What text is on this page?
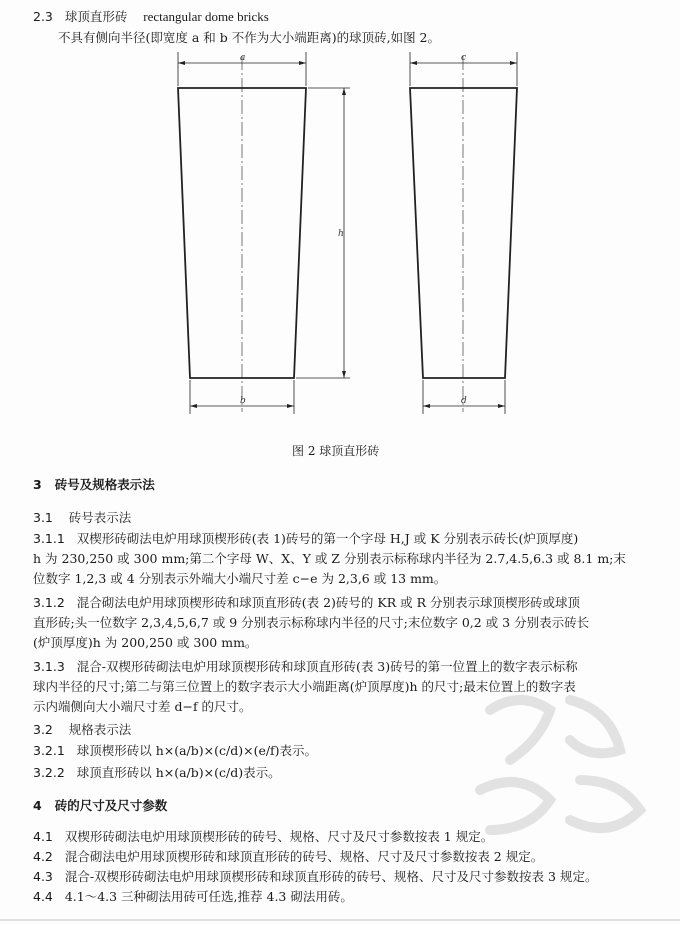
2.3 球顶直形砖 rectangular dome bricks
不具有侧向半径(即宽度 a 和 b 不作为大小端距离)的球顶砖,如图 2。
a
b
h
c
d
图 2 球顶直形砖
3 砖号及规格表示法
3.1 砖号表示法
3.1.1 双楔形砖砌法电炉用球顶楔形砖(表 1)砖号的第一个字母 H,J 或 K 分别表示砖长(炉顶厚度)
h 为 230,250 或 300 mm;第二个字母 W、X、Y 或 Z 分别表示标称球内半径为 2.7,4.5,6.3 或 8.1 m;末
位数字 1,2,3 或 4 分别表示外端大小端尺寸差 c−e 为 2,3,6 或 13 mm。
3.1.2 混合砌法电炉用球顶楔形砖和球顶直形砖(表 2)砖号的 KR 或 R 分别表示球顶楔形砖或球顶
直形砖;头一位数字 2,3,4,5,6,7 或 9 分别表示标称球内半径的尺寸;末位数字 0,2 或 3 分别表示砖长
(炉顶厚度)h 为 200,250 或 300 mm。
3.1.3 混合-双楔形砖砌法电炉用球顶楔形砖和球顶直形砖(表 3)砖号的第一位置上的数字表示标称
球内半径的尺寸;第二与第三位置上的数字表示大小端距离(炉顶厚度)h 的尺寸;最末位置上的数字表
示内端侧向大小端尺寸差 d−f 的尺寸。
3.2 规格表示法
3.2.1 球顶楔形砖以 h×(a/b)×(c/d)×(e/f)表示。
3.2.2 球顶直形砖以 h×(a/b)×(c/d)表示。
4 砖的尺寸及尺寸参数
4.1 双楔形砖砌法电炉用球顶楔形砖的砖号、规格、尺寸及尺寸参数按表 1 规定。
4.2 混合砌法电炉用球顶楔形砖和球顶直形砖的砖号、规格、尺寸及尺寸参数按表 2 规定。
4.3 混合-双楔形砖砌法电炉用球顶楔形砖和球顶直形砖的砖号、规格、尺寸及尺寸参数按表 3 规定。
4.4 4.1～4.3 三种砌法用砖可任选,推荐 4.3 砌法用砖。
